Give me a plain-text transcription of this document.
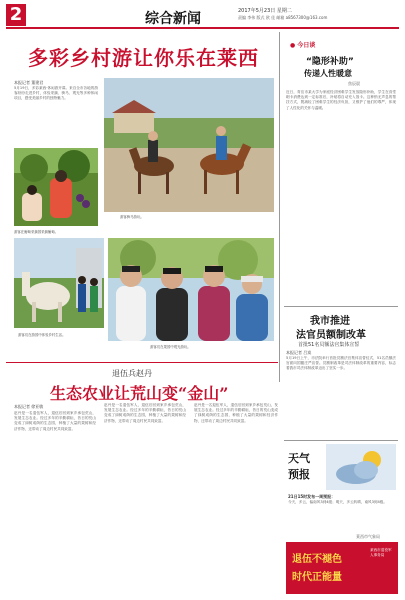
2	综合新闻	2017年5月23日 星期二
责编 李伟 版式 欧 佳 邮箱 a8567300@163.com
多彩乡村游让你乐在莱西
本报记者 董建君
5月19日，多彩莱西·休闲游开幕。来自全市各地的游客纷纷走进乡村，体验采摘、骑马、观光等多种休闲项目，感受美丽乡村的独特魅力。
游客在葡萄采摘园采摘葡萄。
游客骑马游玩。
游客们在游园中体验乡村生活。
游客们在果园中观光游玩。
● 今日谈
“隐形补助”
传递人性暖意
焦辰晨
近日，青岛市某大学为家庭经济困难学生发放隐形补助，学生在食堂刷卡消费达到一定标准后，补贴将自动充入饭卡。这种悄无声息的帮扶方式，既减轻了困难学生的经济负担，又维护了他们的尊严，体现了人性化的关怀与温暖。
我市推进
法官员额制改革
首批51名员额法官集体宣誓
本报记者 吕岚
5月19日上午，市法院举行首批员额法官集体宣誓仪式，51名员额法官面向国徽庄严宣誓。员额制改革是司法体制改革的重要内容，标志着我市司法体制改革迈出了坚实一步。
退伍兵赵丹
生态农业让荒山变“金山”
本报记者 徐亚敏
赵丹是一名退伍军人，退伍后回到家乡承包荒山，发展生态农业。经过多年的辛勤耕耘，昔日的荒山变成了绿树成荫的生态园，种植了大量的果树和经济作物，还带动了周边村民共同致富。
赵丹是一名退伍军人，退伍后回到家乡承包荒山，发展生态农业。经过多年的辛勤耕耘，昔日的荒山变成了绿树成荫的生态园，种植了大量的果树和经济作物，还带动了周边村民共同致富。
赵丹是一名退伍军人，退伍后回到家乡承包荒山，发展生态农业。经过多年的辛勤耕耘，昔日的荒山变成了绿树成荫的生态园，种植了大量的果树和经济作物，还带动了周边村民共同致富。
天气
预报
21日15时发布一周预报：
今天，多云，偏南风3到4级；明天，多云转晴，南风3到4级。
莱西市气象局
退伍不褪色
时代正能量
莱西市退役军人事务局
